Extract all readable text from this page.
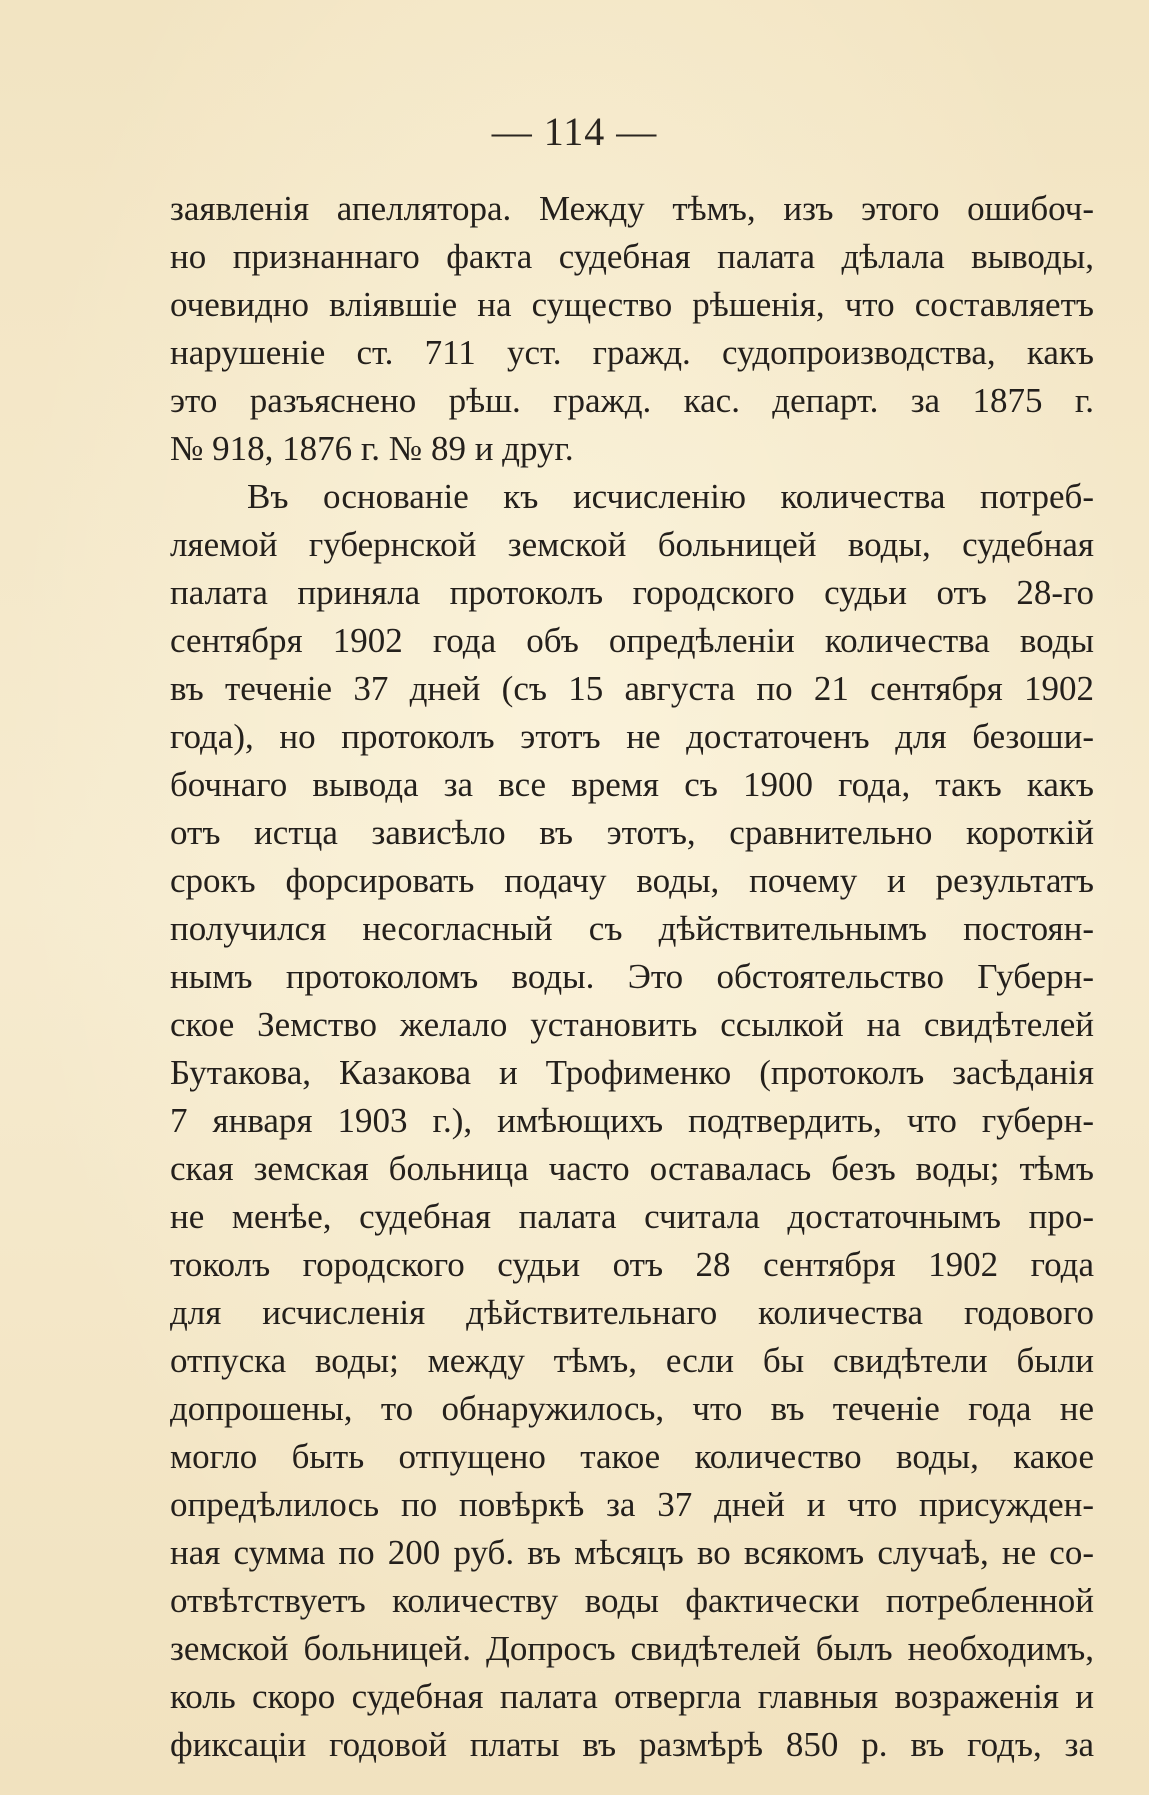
— 114 —
заявленія апеллятора. Между тѣмъ, изъ этого ошибоч-
но признаннаго факта судебная палата дѣлала выводы,
очевидно вліявшіе на существо рѣшенія, что составляетъ
нарушеніе ст. 711 уст. гражд. судопроизводства, какъ
это разъяснено рѣш. гражд. кас. департ. за 1875 г.
№ 918, 1876 г. № 89 и друг.
Въ основаніе къ исчисленію количества потреб-
ляемой губернской земской больницей воды, судебная
палата приняла протоколъ городского судьи отъ 28-го
сентября 1902 года объ опредѣленіи количества воды
въ теченіе 37 дней (съ 15 августа по 21 сентября 1902
года), но протоколъ этотъ не достаточенъ для безоши-
бочнаго вывода за все время съ 1900 года, такъ какъ
отъ истца зависѣло въ этотъ, сравнительно короткій
срокъ форсировать подачу воды, почему и результатъ
получился несогласный съ дѣйствительнымъ постоян-
нымъ протоколомъ воды. Это обстоятельство Губерн-
ское Земство желало установить ссылкой на свидѣтелей
Бутакова, Казакова и Трофименко (протоколъ засѣданія
7 января 1903 г.), имѣющихъ подтвердить, что губерн-
ская земская больница часто оставалась безъ воды; тѣмъ
не менѣе, судебная палата считала достаточнымъ про-
токолъ городского судьи отъ 28 сентября 1902 года
для исчисленія дѣйствительнаго количества годового
отпуска воды; между тѣмъ, если бы свидѣтели были
допрошены, то обнаружилось, что въ теченіе года не
могло быть отпущено такое количество воды, какое
опредѣлилось по повѣркѣ за 37 дней и что присужден-
ная сумма по 200 руб. въ мѣсяцъ во всякомъ случаѣ, не со-
отвѣтствуетъ количеству воды фактически потребленной
земской больницей. Допросъ свидѣтелей былъ необходимъ,
коль скоро судебная палата отвергла главныя возраженія и
фиксаціи годовой платы въ размѣрѣ 850 р. въ годъ, за
